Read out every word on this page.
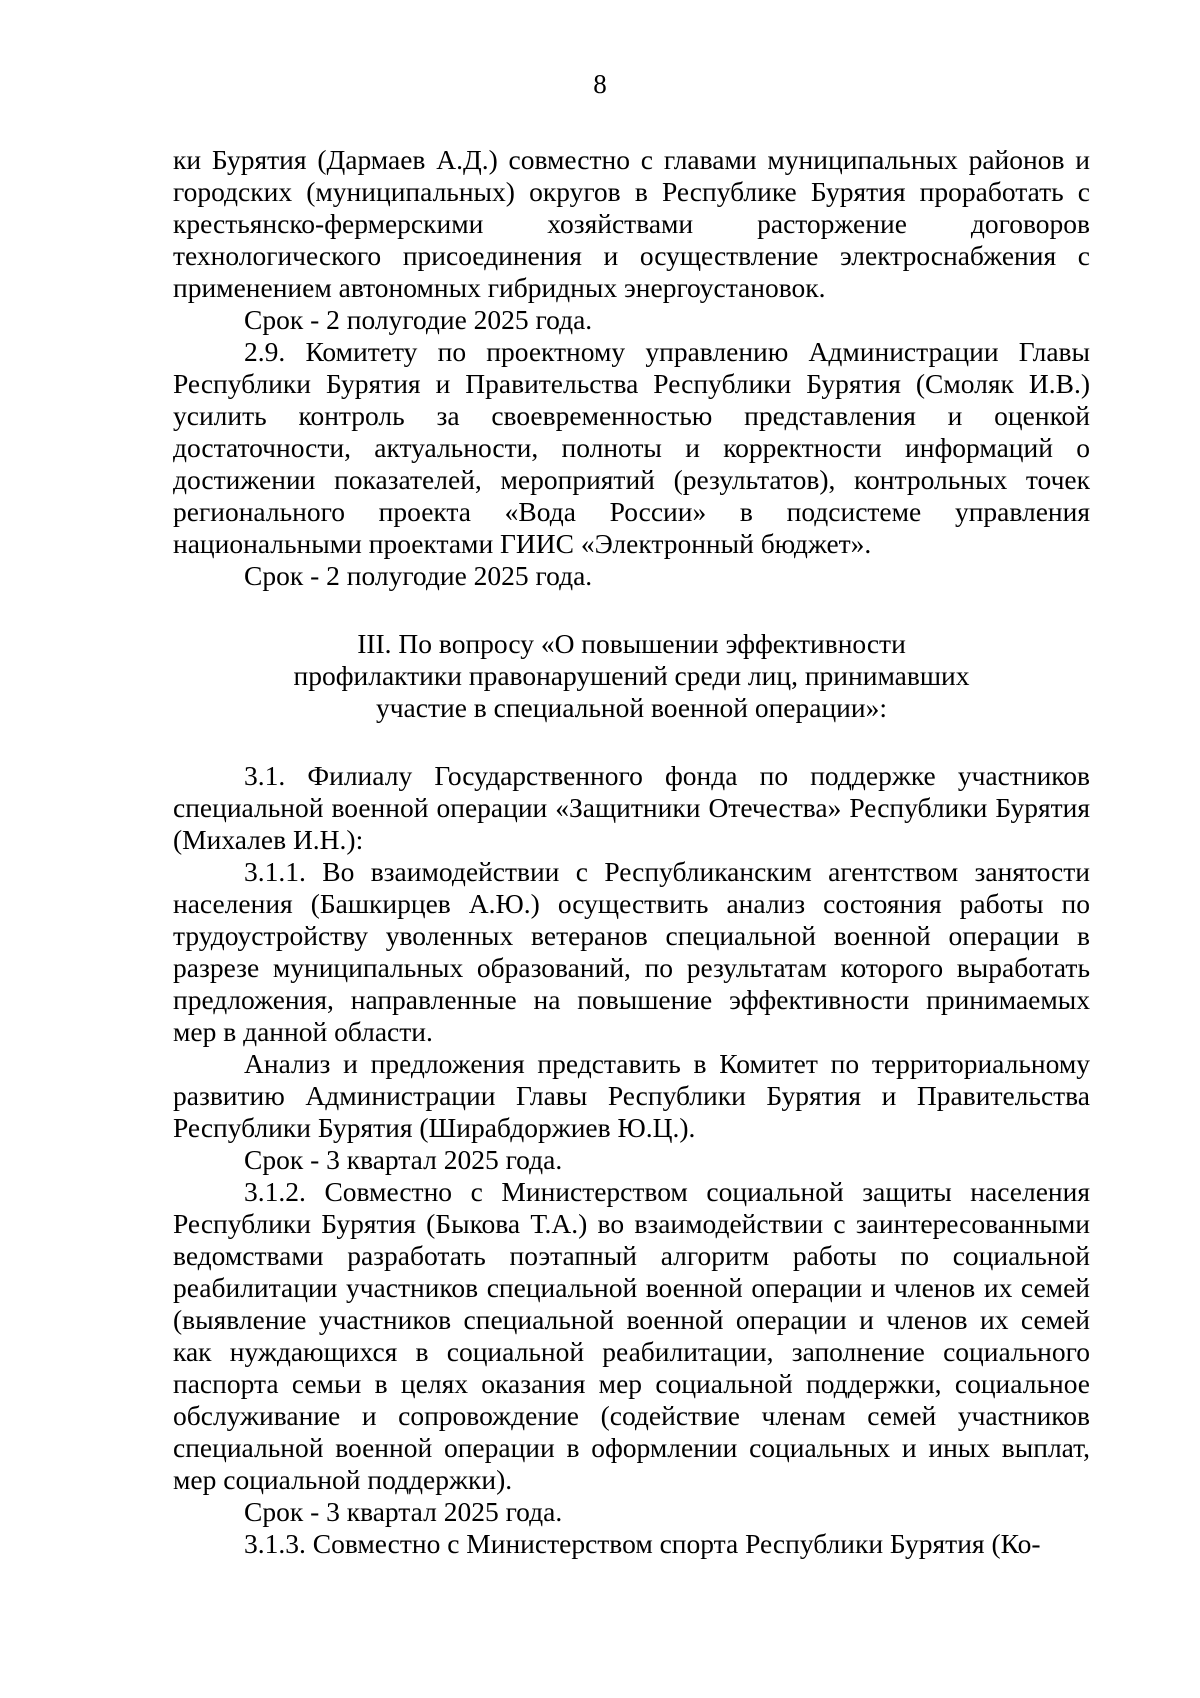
8

ки Бурятия (Дармаев А.Д.) совместно с главами муниципальных районов и городских (муниципальных) округов в Республике Бурятия проработать с крестьянско-фермерскими хозяйствами расторжение договоров технологического присоединения и осуществление электроснабжения с применением автономных гибридных энергоустановок.

Срок - 2 полугодие 2025 года.

2.9. Комитету по проектному управлению Администрации Главы Республики Бурятия и Правительства Республики Бурятия (Смоляк И.В.) усилить контроль за своевременностью представления и оценкой достаточности, актуальности, полноты и корректности информаций о достижении показателей, мероприятий (результатов), контрольных точек регионального проекта «Вода России» в подсистеме управления национальными проектами ГИИС «Электронный бюджет».

Срок - 2 полугодие 2025 года.

III. По вопросу «О повышении эффективности
профилактики правонарушений среди лиц, принимавших
участие в специальной военной операции»:

3.1. Филиалу Государственного фонда по поддержке участников специальной военной операции «Защитники Отечества» Республики Бурятия (Михалев И.Н.):

3.1.1. Во взаимодействии с Республиканским агентством занятости населения (Башкирцев А.Ю.) осуществить анализ состояния работы по трудоустройству уволенных ветеранов специальной военной операции в разрезе муниципальных образований, по результатам которого выработать предложения, направленные на повышение эффективности принимаемых мер в данной области.

Анализ и предложения представить в Комитет по территориальному развитию Администрации Главы Республики Бурятия и Правительства Республики Бурятия (Ширабдоржиев Ю.Ц.).

Срок - 3 квартал 2025 года.

3.1.2. Совместно с Министерством социальной защиты населения Республики Бурятия (Быкова Т.А.) во взаимодействии с заинтересованными ведомствами разработать поэтапный алгоритм работы по социальной реабилитации участников специальной военной операции и членов их семей (выявление участников специальной военной операции и членов их семей как нуждающихся в социальной реабилитации, заполнение социального паспорта семьи в целях оказания мер социальной поддержки, социальное обслуживание и сопровождение (содействие членам семей участников специальной военной операции в оформлении социальных и иных выплат, мер социальной поддержки).

Срок - 3 квартал 2025 года.

3.1.3. Совместно с Министерством спорта Республики Бурятия (Ко-
